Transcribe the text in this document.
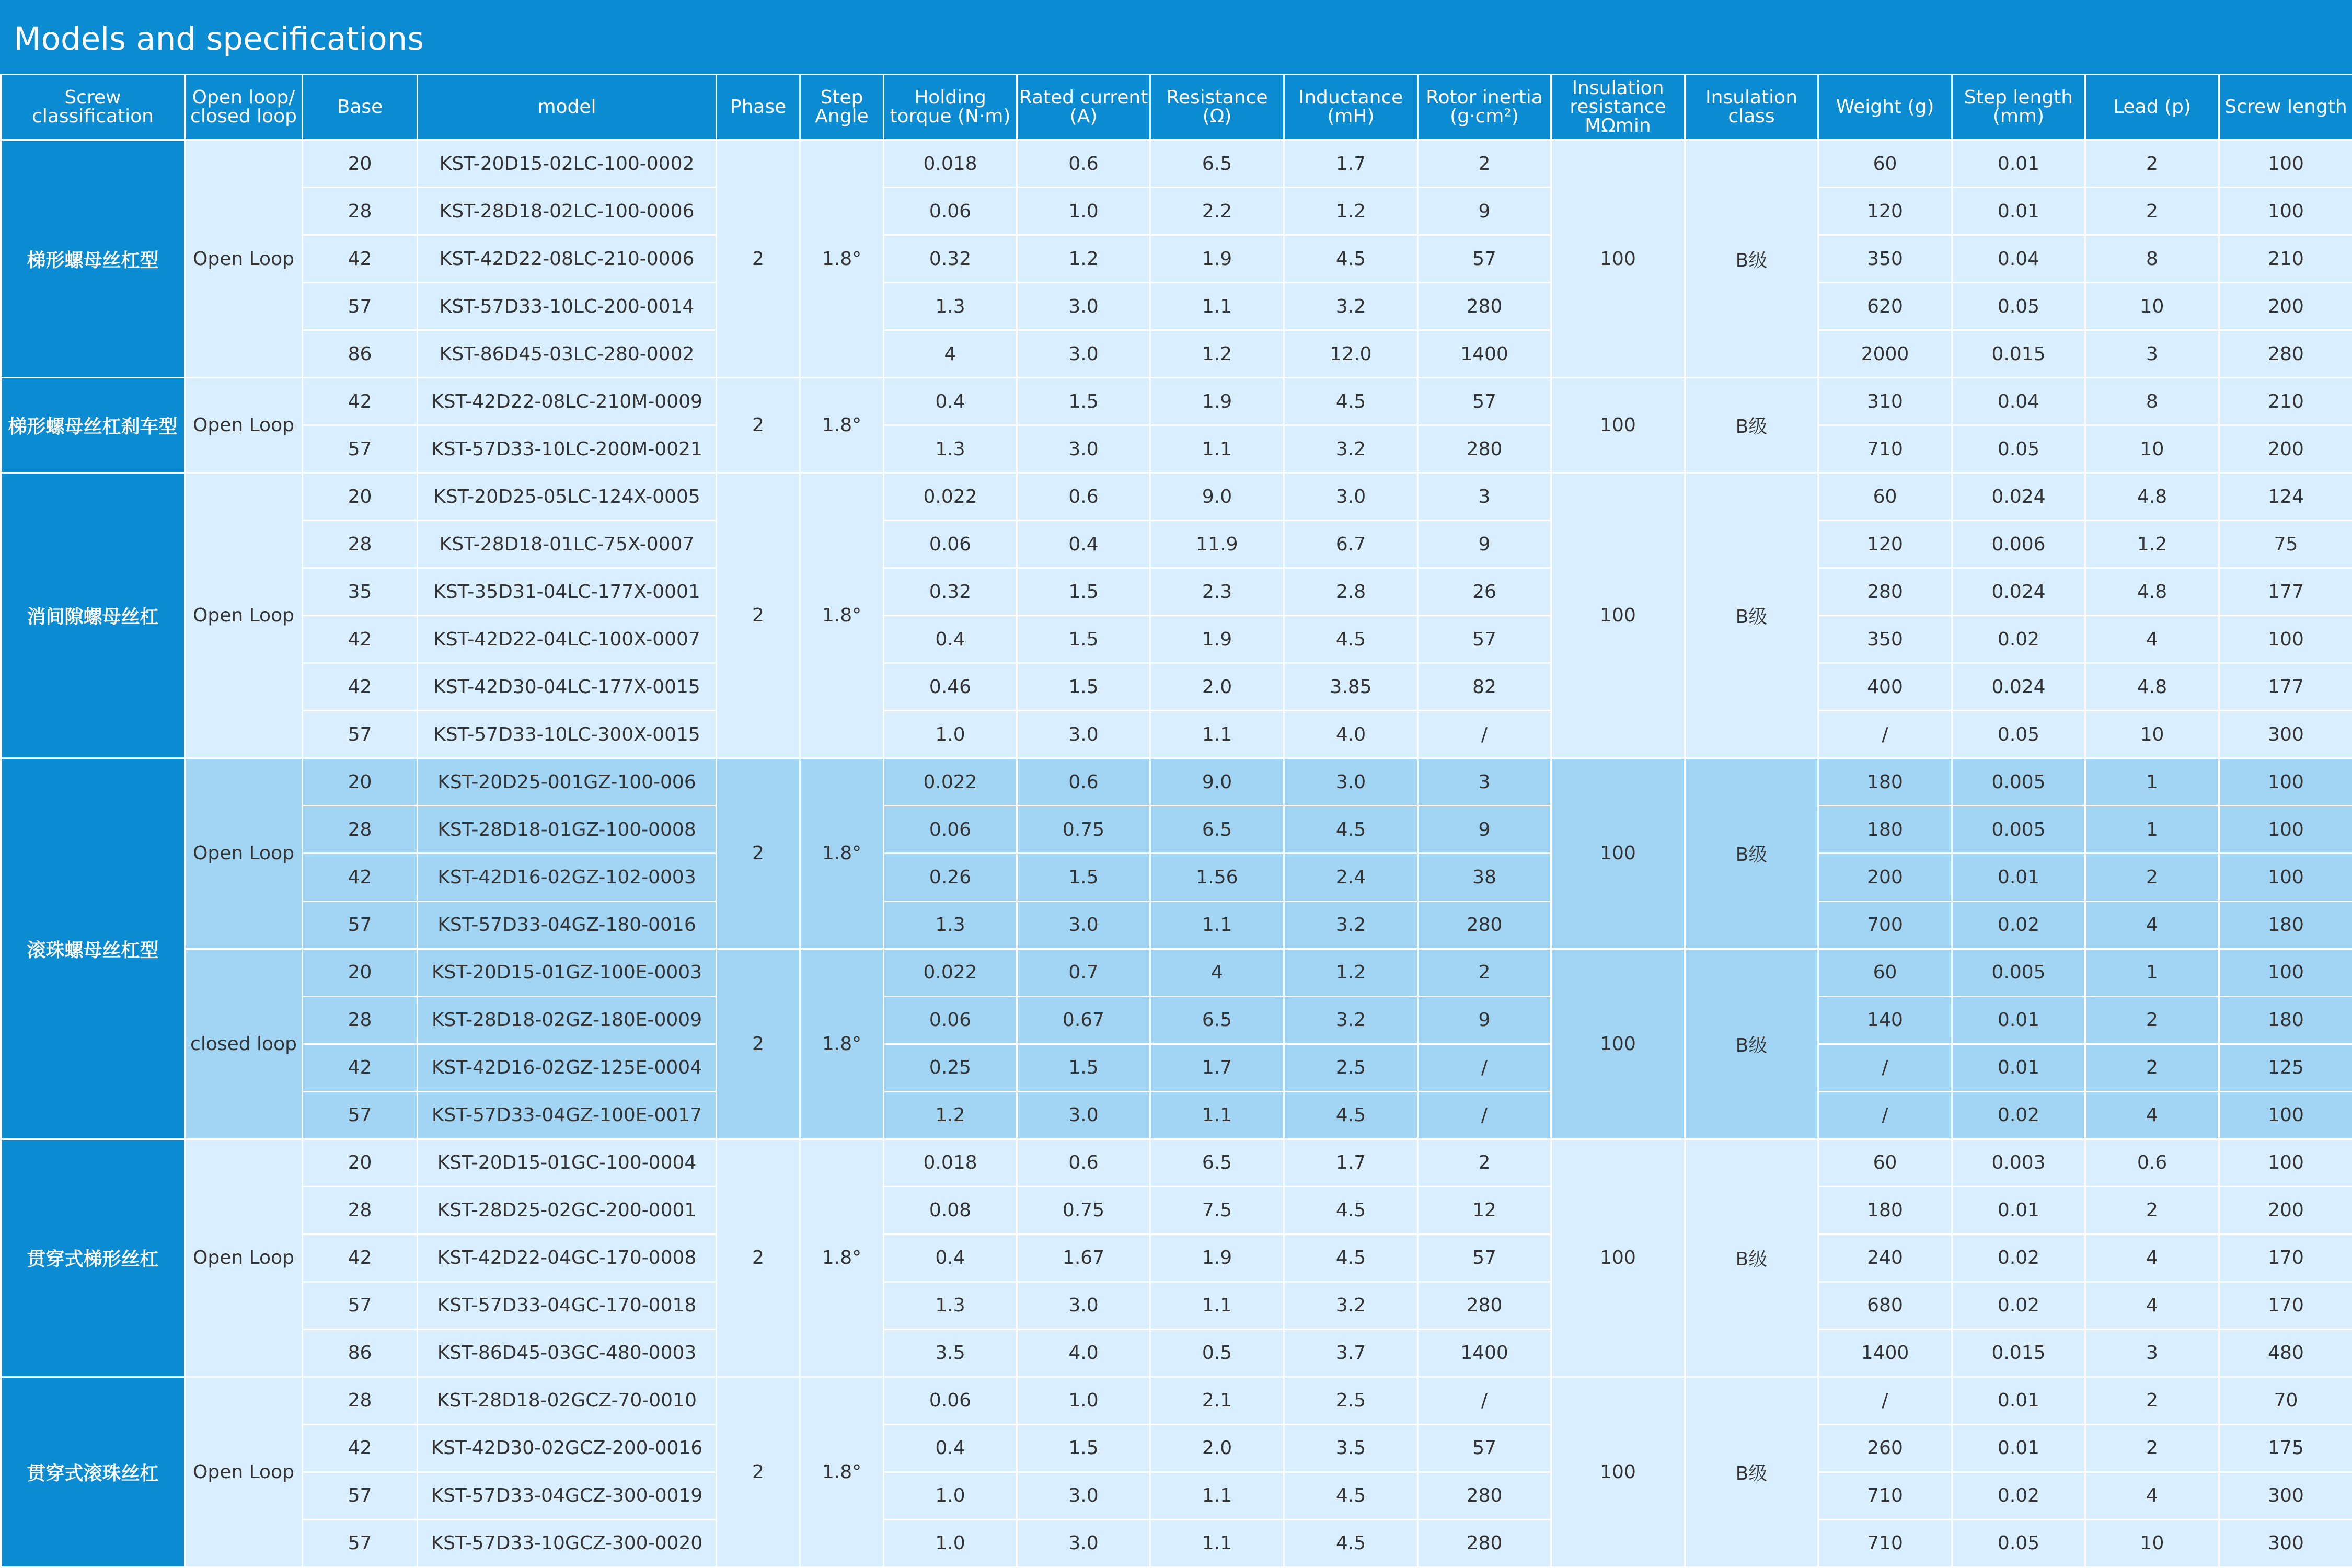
Models and specifications
Screw classification	Open loop/ closed loop	Base	model	Phase	Step Angle	Holding torque (N·m)	Rated current (A)	Resistance (Ω)	Inductance (mH)	Rotor inertia (g·cm²)	Insulation resistance MΩmin	Insulation class	Weight (g)	Step length (mm)	Lead (p)	Screw length
梯形螺母丝杠型	Open Loop	20	KST-20D15-02LC-100-0002	2	1.8°	0.018	0.6	6.5	1.7	2	100	B级	60	0.01	2	100
		28	KST-28D18-02LC-100-0006			0.06	1.0	2.2	1.2	9			120	0.01	2	100
		42	KST-42D22-08LC-210-0006			0.32	1.2	1.9	4.5	57			350	0.04	8	210
		57	KST-57D33-10LC-200-0014			1.3	3.0	1.1	3.2	280			620	0.05	10	200
		86	KST-86D45-03LC-280-0002			4	3.0	1.2	12.0	1400			2000	0.015	3	280
梯形螺母丝杠刹车型	Open Loop	42	KST-42D22-08LC-210M-0009	2	1.8°	0.4	1.5	1.9	4.5	57	100	B级	310	0.04	8	210
		57	KST-57D33-10LC-200M-0021			1.3	3.0	1.1	3.2	280			710	0.05	10	200
消间隙螺母丝杠	Open Loop	20	KST-20D25-05LC-124X-0005	2	1.8°	0.022	0.6	9.0	3.0	3	100	B级	60	0.024	4.8	124
		28	KST-28D18-01LC-75X-0007			0.06	0.4	11.9	6.7	9			120	0.006	1.2	75
		35	KST-35D31-04LC-177X-0001			0.32	1.5	2.3	2.8	26			280	0.024	4.8	177
		42	KST-42D22-04LC-100X-0007			0.4	1.5	1.9	4.5	57			350	0.02	4	100
		42	KST-42D30-04LC-177X-0015			0.46	1.5	2.0	3.85	82			400	0.024	4.8	177
		57	KST-57D33-10LC-300X-0015			1.0	3.0	1.1	4.0	/			/	0.05	10	300
滚珠螺母丝杠型	Open Loop	20	KST-20D25-001GZ-100-006	2	1.8°	0.022	0.6	9.0	3.0	3	100	B级	180	0.005	1	100
		28	KST-28D18-01GZ-100-0008			0.06	0.75	6.5	4.5	9			180	0.005	1	100
		42	KST-42D16-02GZ-102-0003			0.26	1.5	1.56	2.4	38			200	0.01	2	100
		57	KST-57D33-04GZ-180-0016			1.3	3.0	1.1	3.2	280			700	0.02	4	180
	closed loop	20	KST-20D15-01GZ-100E-0003	2	1.8°	0.022	0.7	4	1.2	2	100	B级	60	0.005	1	100
		28	KST-28D18-02GZ-180E-0009			0.06	0.67	6.5	3.2	9			140	0.01	2	180
		42	KST-42D16-02GZ-125E-0004			0.25	1.5	1.7	2.5	/			/	0.01	2	125
		57	KST-57D33-04GZ-100E-0017			1.2	3.0	1.1	4.5	/			/	0.02	4	100
贯穿式梯形丝杠	Open Loop	20	KST-20D15-01GC-100-0004	2	1.8°	0.018	0.6	6.5	1.7	2	100	B级	60	0.003	0.6	100
		28	KST-28D25-02GC-200-0001			0.08	0.75	7.5	4.5	12			180	0.01	2	200
		42	KST-42D22-04GC-170-0008			0.4	1.67	1.9	4.5	57			240	0.02	4	170
		57	KST-57D33-04GC-170-0018			1.3	3.0	1.1	3.2	280			680	0.02	4	170
		86	KST-86D45-03GC-480-0003			3.5	4.0	0.5	3.7	1400			1400	0.015	3	480
贯穿式滚珠丝杠	Open Loop	28	KST-28D18-02GCZ-70-0010	2	1.8°	0.06	1.0	2.1	2.5	/	100	B级	/	0.01	2	70
		42	KST-42D30-02GCZ-200-0016			0.4	1.5	2.0	3.5	57			260	0.01	2	175
		57	KST-57D33-04GCZ-300-0019			1.0	3.0	1.1	4.5	280			710	0.02	4	300
		57	KST-57D33-10GCZ-300-0020			1.0	3.0	1.1	4.5	280			710	0.05	10	300
